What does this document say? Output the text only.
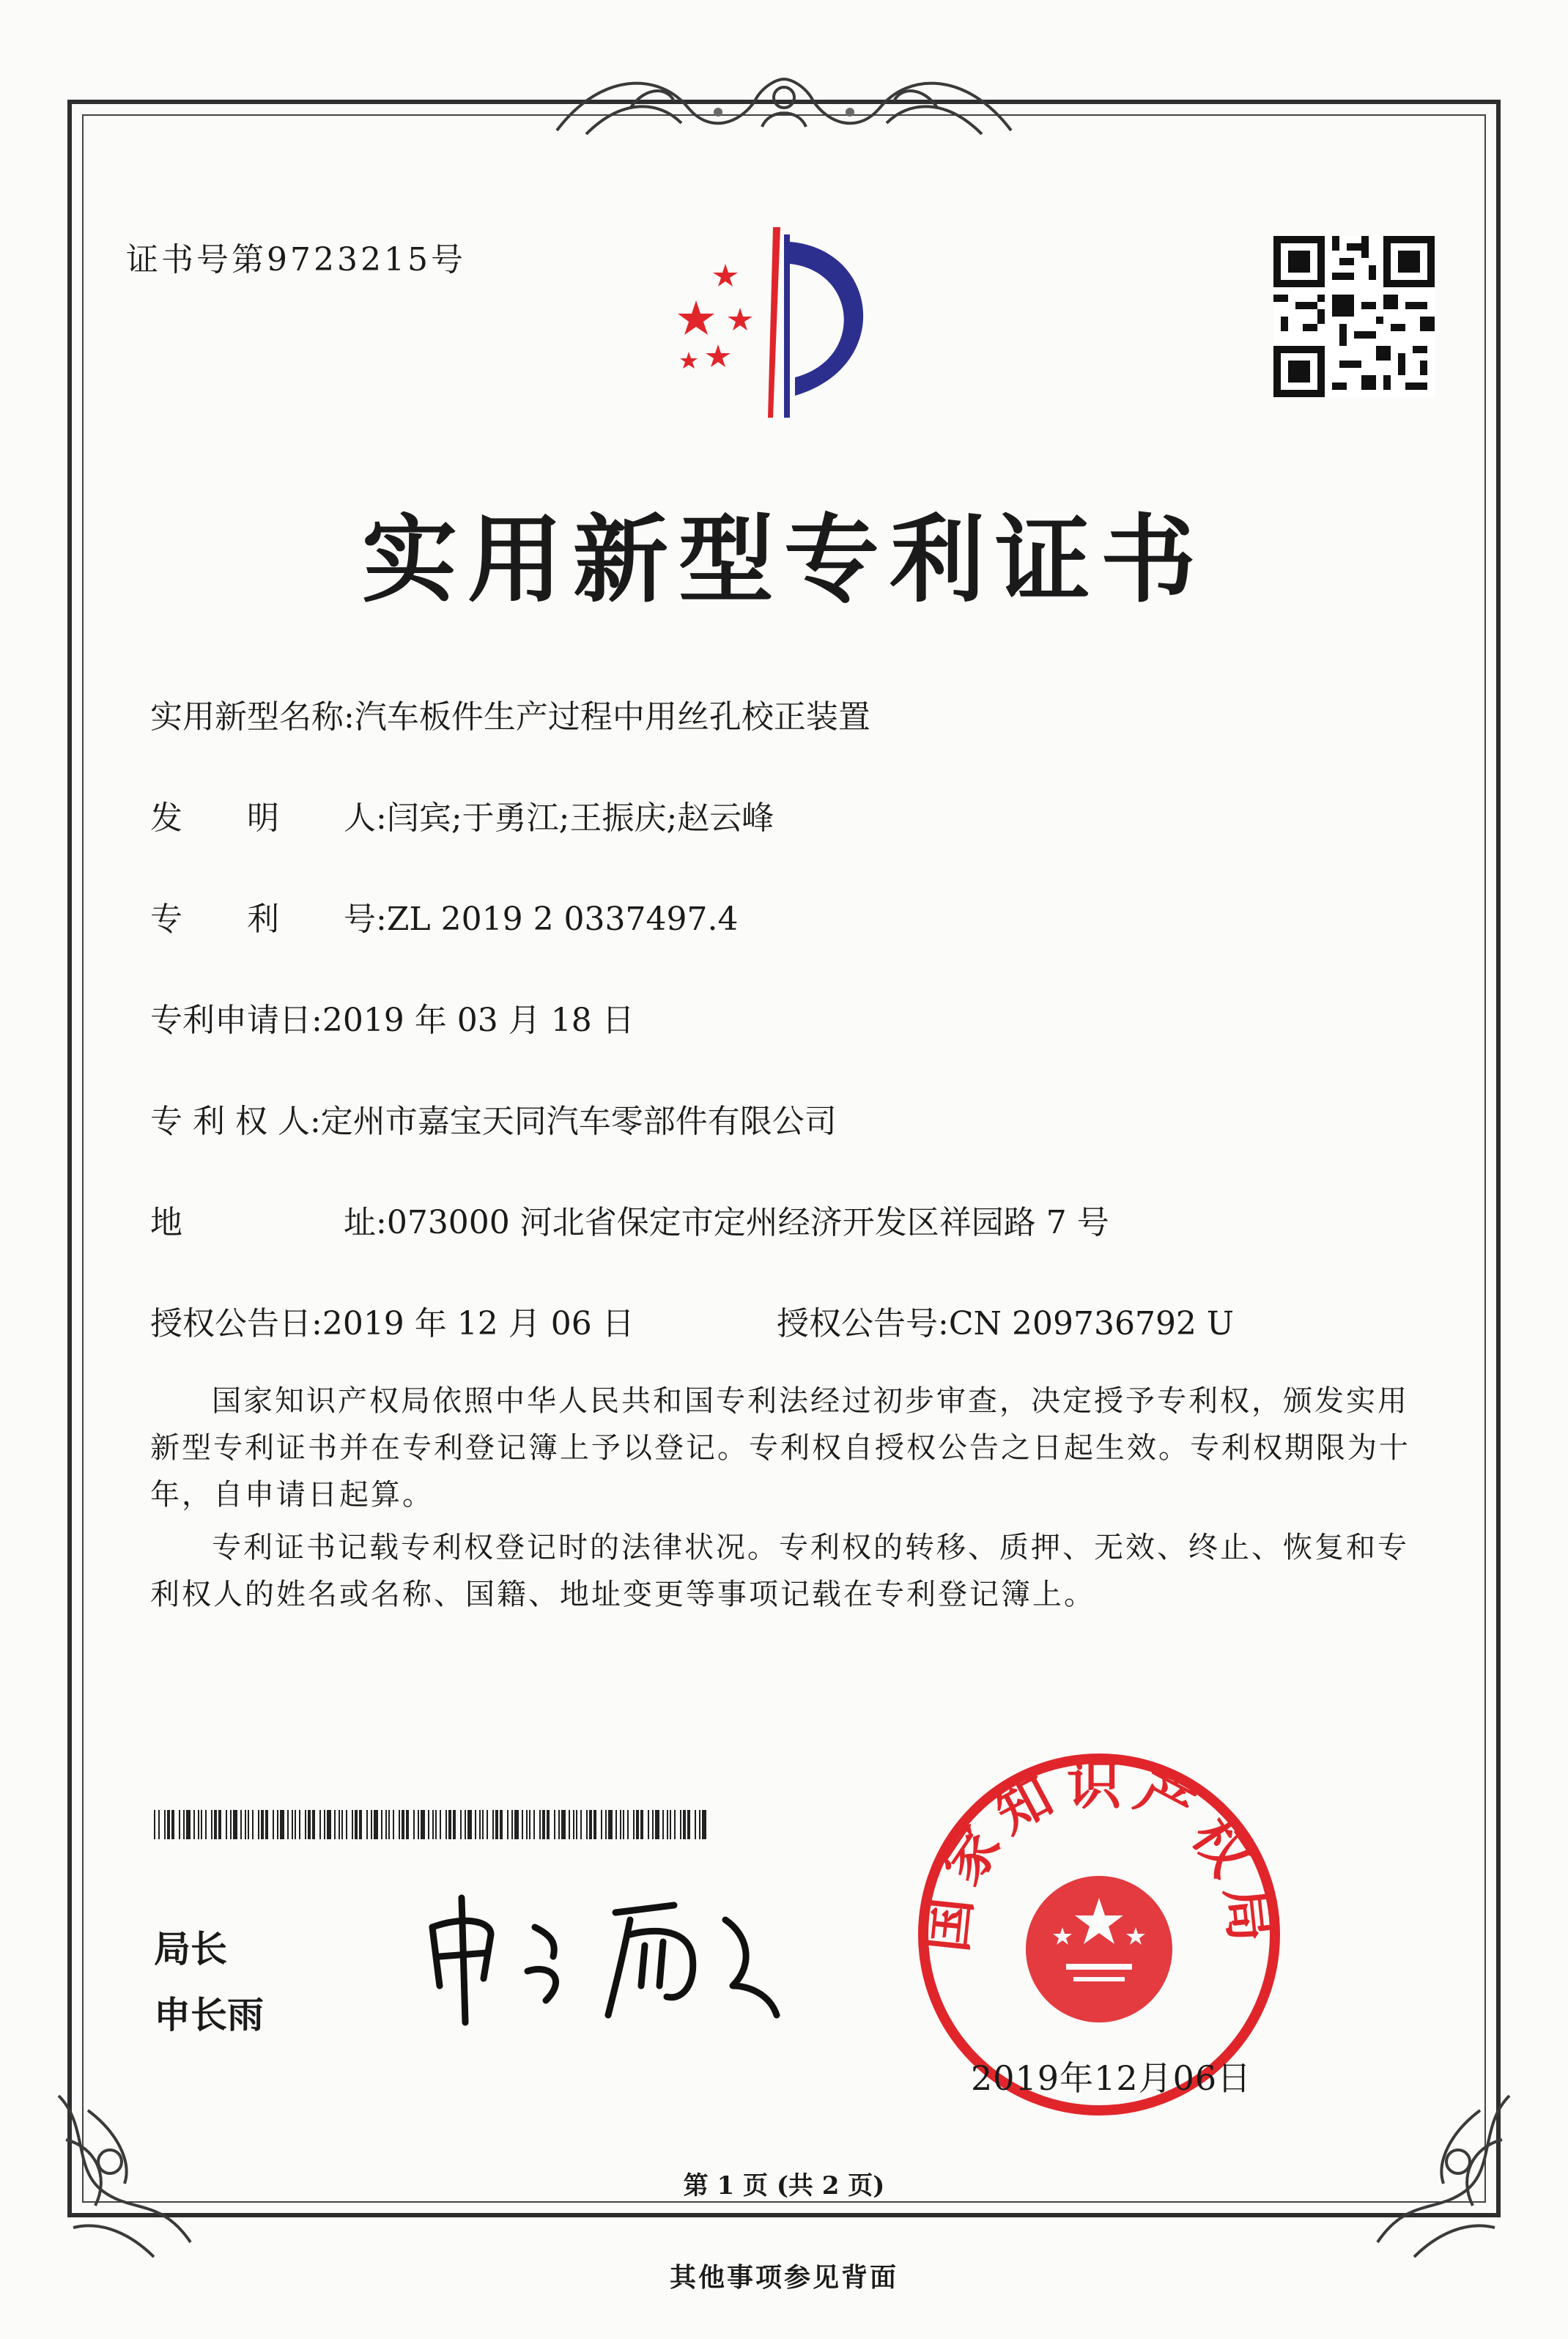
证书号第9723215号
实用新型专利证书
实用新型名称:汽车板件生产过程中用丝孔校正装置
发　　明　　人:闫宾;于勇江;王振庆;赵云峰
专　　利　　号:ZL 2019 2 0337497.4
专利申请日:2019 年 03 月 18 日
专 利 权 人:定州市嘉宝天同汽车零部件有限公司
地　　　　　址:073000 河北省保定市定州经济开发区祥园路 7 号
授权公告日:2019 年 12 月 06 日	授权公告号:CN 209736792 U
国家知识产权局依照中华人民共和国专利法经过初步审查，决定授予专利权，颁发实用新型专利证书并在专利登记簿上予以登记。专利权自授权公告之日起生效。专利权期限为十年，自申请日起算。
专利证书记载专利权登记时的法律状况。专利权的转移、质押、无效、终止、恢复和专利权人的姓名或名称、国籍、地址变更等事项记载在专利登记簿上。
局长
申长雨
国家知识产权局
2019年12月06日
第 1 页 (共 2 页)
其他事项参见背面
